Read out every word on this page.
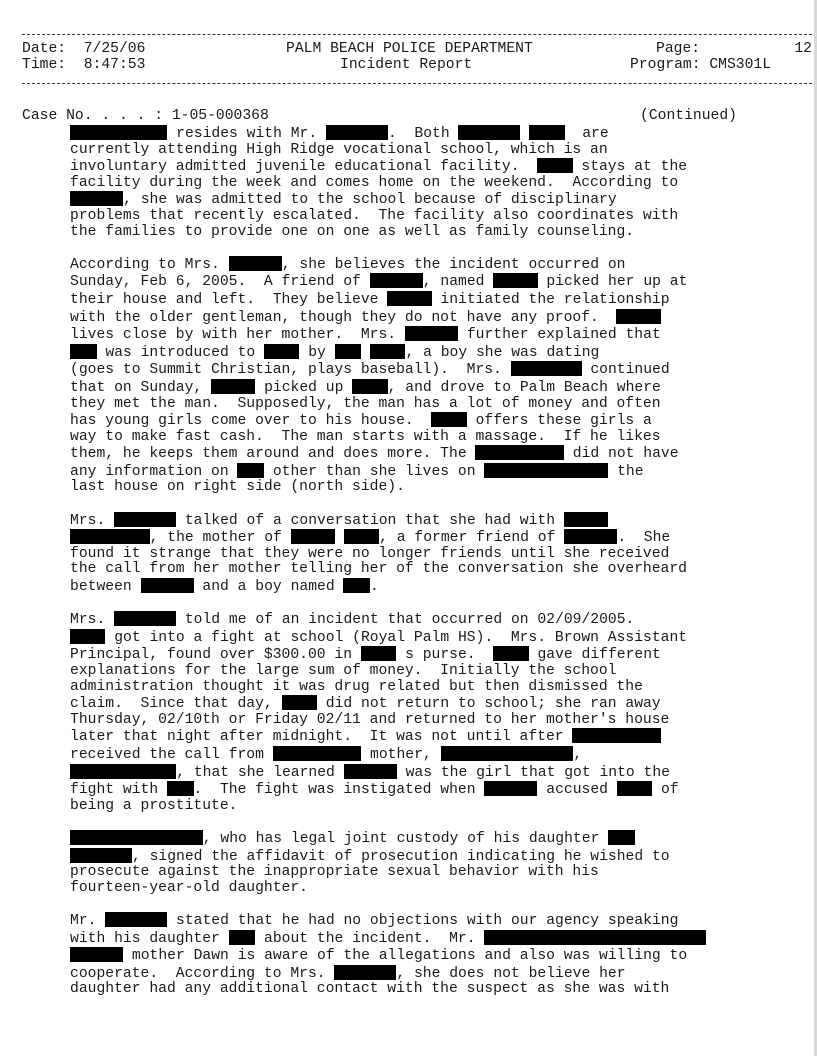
Date: 7/25/06
Time: 8:47:53
PALM BEACH POLICE DEPARTMENT
Incident Report
Page:	12
Program: CMS301L
Case No. . . . : 1-05-000368	(Continued)
resides with Mr.	.  Both	are
currently attending High Ridge vocational school, which is an
involuntary admitted juvenile educational facility.   stays at the
facility during the week and comes home on the weekend.  According to
, she was admitted to the school because of disciplinary
problems that recently escalated.  The facility also coordinates with
the families to provide one on one as well as family counseling.
According to Mrs.	, she believes the incident occurred on
Sunday, Feb 6, 2005.  A friend of	, named	picked her up at
their house and left.  They believe	initiated the relationship
with the older gentleman, though they do not have any proof.
lives close by with her mother.  Mrs.	further explained that
was introduced to  by	, a boy she was dating
(goes to Summit Christian, plays baseball).  Mrs.	continued
that on Sunday,	picked up , and drove to Palm Beach where
they met the man.  Supposedly, the man has a lot of money and often
has young girls come over to his house.   offers these girls a
way to make fast cash.  The man starts with a massage.  If he likes
them, he keeps them around and does more. The	did not have
any information on  other than she lives on	the
last house on right side (north side).
Mrs.	talked of a conversation that she had with
, the mother of	, a former friend of	.  She
found it strange that they were no longer friends until she received
the call from her mother telling her of the conversation she overheard
between	and a boy named .
Mrs.	told me of an incident that occurred on 02/09/2005.
got into a fight at school (Royal Palm HS).  Mrs. Brown Assistant
Principal, found over $300.00 in  s purse.   gave different
explanations for the large sum of money.  Initially the school
administration thought it was drug related but then dismissed the
claim.  Since that day,  did not return to school; she ran away
Thursday, 02/10th or Friday 02/11 and returned to her mother's house
later that night after midnight.  It was not until after
received the call from	mother,	,
, that she learned	was the girl that got into the
fight with .  The fight was instigated when	accused  of
being a prostitute.
, who has legal joint custody of his daughter
, signed the affidavit of prosecution indicating he wished to
prosecute against the inappropriate sexual behavior with his
fourteen-year-old daughter.
Mr.	stated that he had no objections with our agency speaking
with his daughter  about the incident.  Mr.
mother Dawn is aware of the allegations and also was willing to
cooperate.  According to Mrs.	, she does not believe her
daughter had any additional contact with the suspect as she was with
